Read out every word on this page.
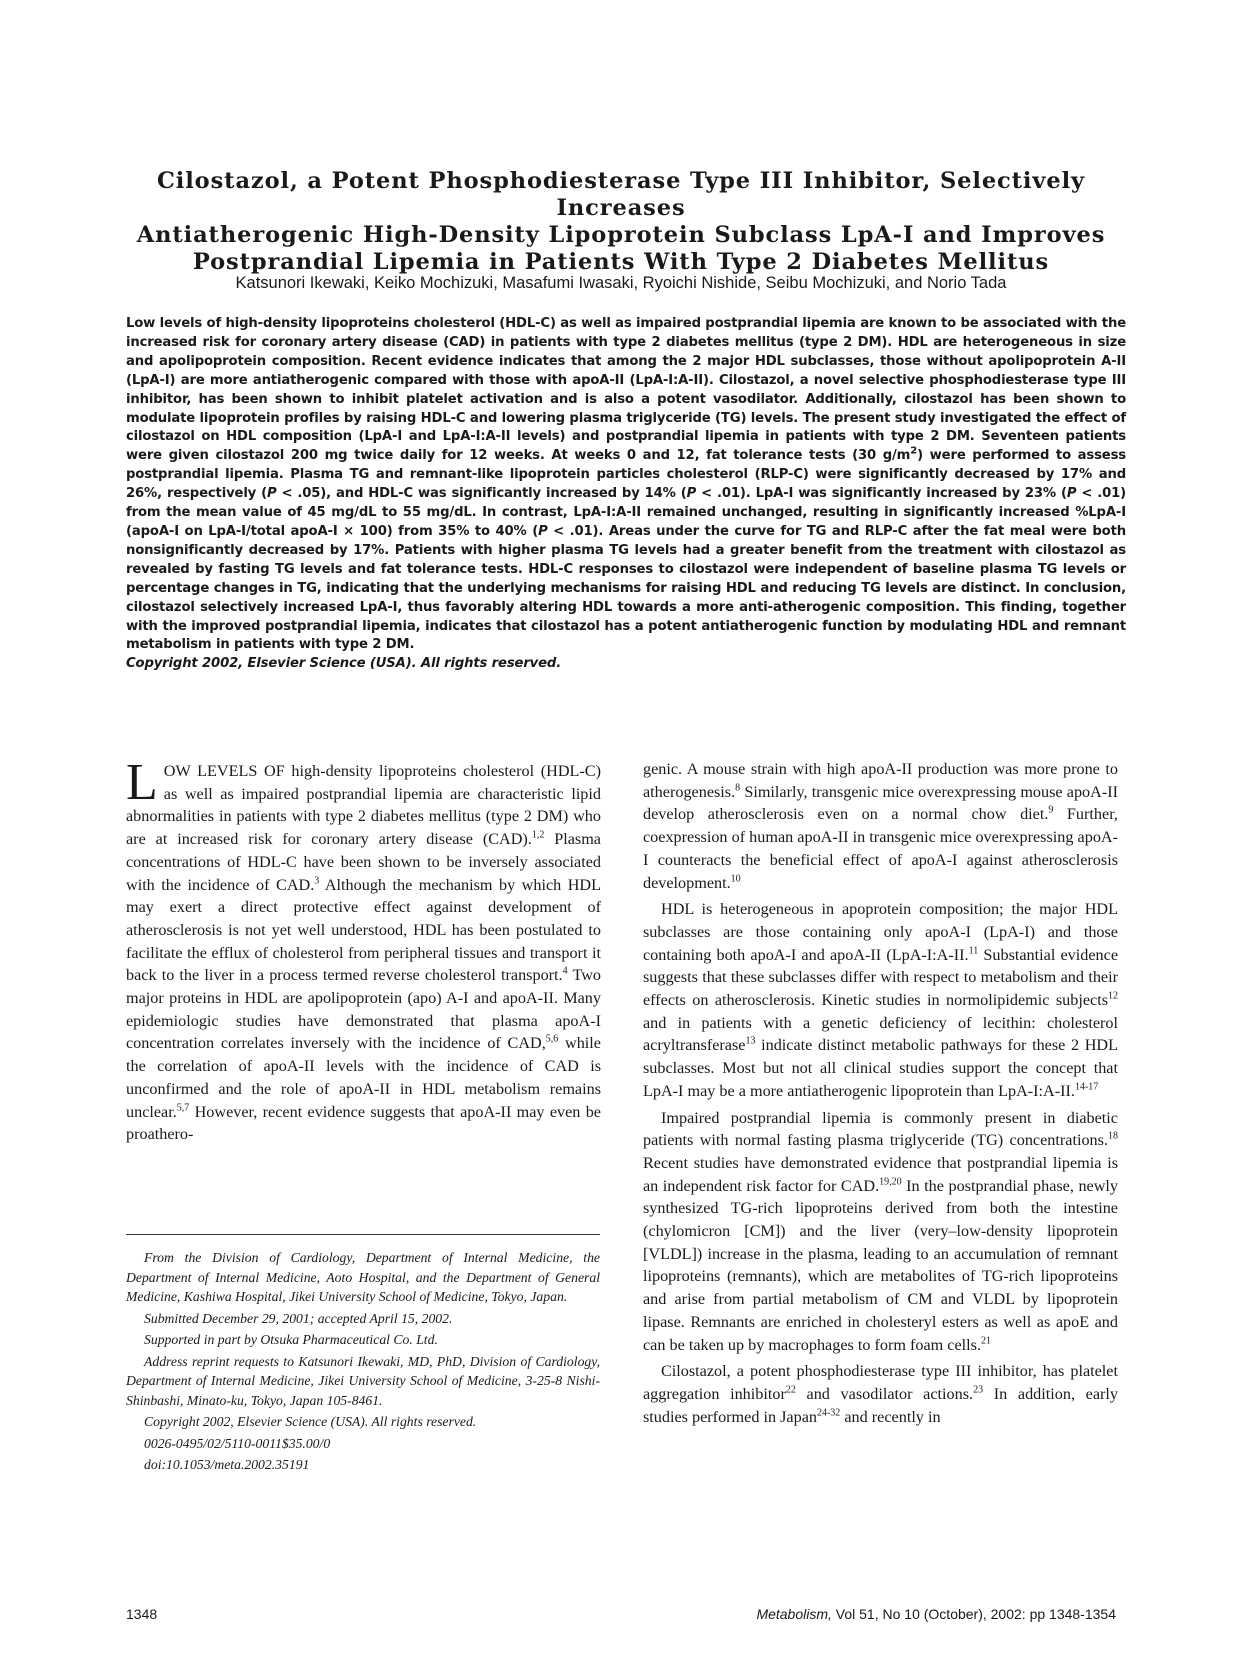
Cilostazol, a Potent Phosphodiesterase Type III Inhibitor, Selectively Increases
Antiatherogenic High-Density Lipoprotein Subclass LpA-I and Improves
Postprandial Lipemia in Patients With Type 2 Diabetes Mellitus

Katsunori Ikewaki, Keiko Mochizuki, Masafumi Iwasaki, Ryoichi Nishide, Seibu Mochizuki, and Norio Tada

Low levels of high-density lipoproteins cholesterol (HDL-C) as well as impaired postprandial lipemia are known to be associated with the increased risk for coronary artery disease (CAD) in patients with type 2 diabetes mellitus (type 2 DM). HDL are heterogeneous in size and apolipoprotein composition. Recent evidence indicates that among the 2 major HDL subclasses, those without apolipoprotein A-II (LpA-I) are more antiatherogenic compared with those with apoA-II (LpA-I:A-II). Cilostazol, a novel selective phosphodiesterase type III inhibitor, has been shown to inhibit platelet activation and is also a potent vasodilator. Additionally, cilostazol has been shown to modulate lipoprotein profiles by raising HDL-C and lowering plasma triglyceride (TG) levels. The present study investigated the effect of cilostazol on HDL composition (LpA-I and LpA-I:A-II levels) and postprandial lipemia in patients with type 2 DM. Seventeen patients were given cilostazol 200 mg twice daily for 12 weeks. At weeks 0 and 12, fat tolerance tests (30 $g/m^2$) were performed to assess postprandial lipemia. Plasma TG and remnant-like lipoprotein particles cholesterol (RLP-C) were significantly decreased by 17% and 26%, respectively (P < .05), and HDL-C was significantly increased by 14% (P < .01). LpA-I was significantly increased by 23% (P < .01) from the mean value of 45 mg/dL to 55 mg/dL. In contrast, LpA-I:A-II remained unchanged, resulting in significantly increased %LpA-I (apoA-I on LpA-I/total apoA-I × 100) from 35% to 40% (P < .01). Areas under the curve for TG and RLP-C after the fat meal were both nonsignificantly decreased by 17%. Patients with higher plasma TG levels had a greater benefit from the treatment with cilostazol as revealed by fasting TG levels and fat tolerance tests. HDL-C responses to cilostazol were independent of baseline plasma TG levels or percentage changes in TG, indicating that the underlying mechanisms for raising HDL and reducing TG levels are distinct. In conclusion, cilostazol selectively increased LpA-I, thus favorably altering HDL towards a more anti-atherogenic composition. This finding, together with the improved postprandial lipemia, indicates that cilostazol has a potent antiatherogenic function by modulating HDL and remnant metabolism in patients with type 2 DM.
Copyright 2002, Elsevier Science (USA). All rights reserved.

LOW LEVELS OF high-density lipoproteins cholesterol (HDL-C) as well as impaired postprandial lipemia are characteristic lipid abnormalities in patients with type 2 diabetes mellitus (type 2 DM) who are at increased risk for coronary artery disease (CAD).$^{1,2}$ Plasma concentrations of HDL-C have been shown to be inversely associated with the incidence of CAD.$^3$ Although the mechanism by which HDL may exert a direct protective effect against development of atherosclerosis is not yet well understood, HDL has been postulated to facilitate the efflux of cholesterol from peripheral tissues and transport it back to the liver in a process termed reverse cholesterol transport.$^4$ Two major proteins in HDL are apolipoprotein (apo) A-I and apoA-II. Many epidemiologic studies have demonstrated that plasma apoA-I concentration correlates inversely with the incidence of CAD,$^{5,6}$ while the correlation of apoA-II levels with the incidence of CAD is unconfirmed and the role of apoA-II in HDL metabolism remains unclear.$^{5,7}$ However, recent evidence suggests that apoA-II may even be proathero-

From the Division of Cardiology, Department of Internal Medicine, the Department of Internal Medicine, Aoto Hospital, and the Department of General Medicine, Kashiwa Hospital, Jikei University School of Medicine, Tokyo, Japan.

Submitted December 29, 2001; accepted April 15, 2002.

Supported in part by Otsuka Pharmaceutical Co. Ltd.

Address reprint requests to Katsunori Ikewaki, MD, PhD, Division of Cardiology, Department of Internal Medicine, Jikei University School of Medicine, 3-25-8 Nishi-Shinbashi, Minato-ku, Tokyo, Japan 105-8461.

Copyright 2002, Elsevier Science (USA). All rights reserved.

0026-0495/02/5110-0011$35.00/0

doi:10.1053/meta.2002.35191

genic. A mouse strain with high apoA-II production was more prone to atherogenesis.$^8$ Similarly, transgenic mice overexpressing mouse apoA-II develop atherosclerosis even on a normal chow diet.$^9$ Further, coexpression of human apoA-II in transgenic mice overexpressing apoA-I counteracts the beneficial effect of apoA-I against atherosclerosis development.$^{10}$

HDL is heterogeneous in apoprotein composition; the major HDL subclasses are those containing only apoA-I (LpA-I) and those containing both apoA-I and apoA-II (LpA-I:A-II.$^{11}$ Substantial evidence suggests that these subclasses differ with respect to metabolism and their effects on atherosclerosis. Kinetic studies in normolipidemic subjects$^{12}$ and in patients with a genetic deficiency of lecithin: cholesterol acryltransferase$^{13}$ indicate distinct metabolic pathways for these 2 HDL subclasses. Most but not all clinical studies support the concept that LpA-I may be a more antiatherogenic lipoprotein than LpA-I:A-II.$^{14-17}$

Impaired postprandial lipemia is commonly present in diabetic patients with normal fasting plasma triglyceride (TG) concentrations.$^{18}$ Recent studies have demonstrated evidence that postprandial lipemia is an independent risk factor for CAD.$^{19,20}$ In the postprandial phase, newly synthesized TG-rich lipoproteins derived from both the intestine (chylomicron [CM]) and the liver (very–low-density lipoprotein [VLDL]) increase in the plasma, leading to an accumulation of remnant lipoproteins (remnants), which are metabolites of TG-rich lipoproteins and arise from partial metabolism of CM and VLDL by lipoprotein lipase. Remnants are enriched in cholesteryl esters as well as apoE and can be taken up by macrophages to form foam cells.$^{21}$

Cilostazol, a potent phosphodiesterase type III inhibitor, has platelet aggregation inhibitor$^{22}$ and vasodilator actions.$^{23}$ In addition, early studies performed in Japan$^{24-32}$ and recently in

1348	Metabolism, Vol 51, No 10 (October), 2002: pp 1348-1354
